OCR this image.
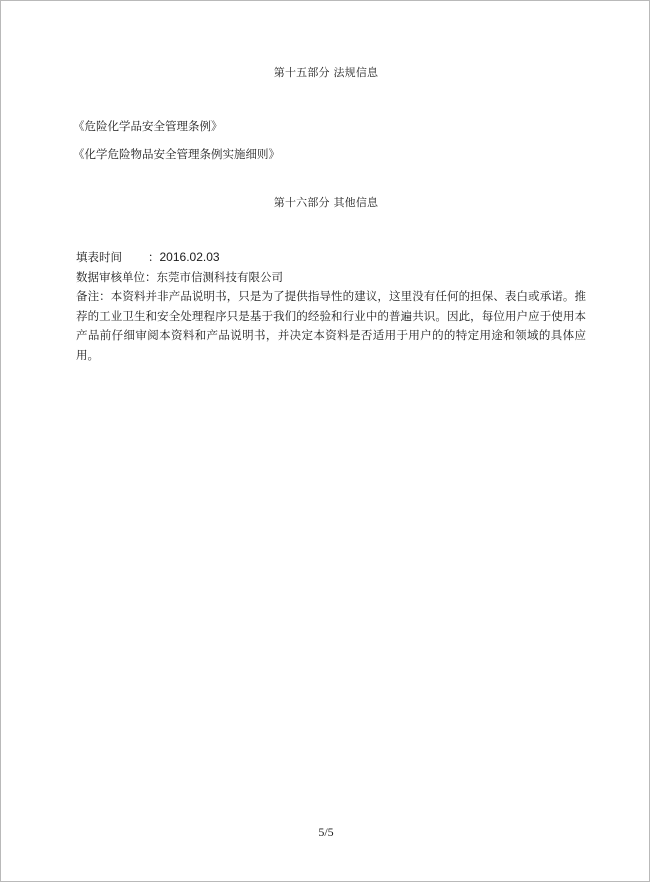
第十五部分 法规信息
《危险化学品安全管理条例》
《化学危险物品安全管理条例实施细则》
第十六部分 其他信息
填表时间 ：2016.02.03
数据审核单位：东莞市信测科技有限公司
备注：本资料并非产品说明书，只是为了提供指导性的建议，这里没有任何的担保、表白或承诺。推荐的工业卫生和安全处理程序只是基于我们的经验和行业中的普遍共识。因此，每位用户应于使用本产品前仔细审阅本资料和产品说明书，并决定本资料是否适用于用户的的特定用途和领域的具体应用。
5/5
